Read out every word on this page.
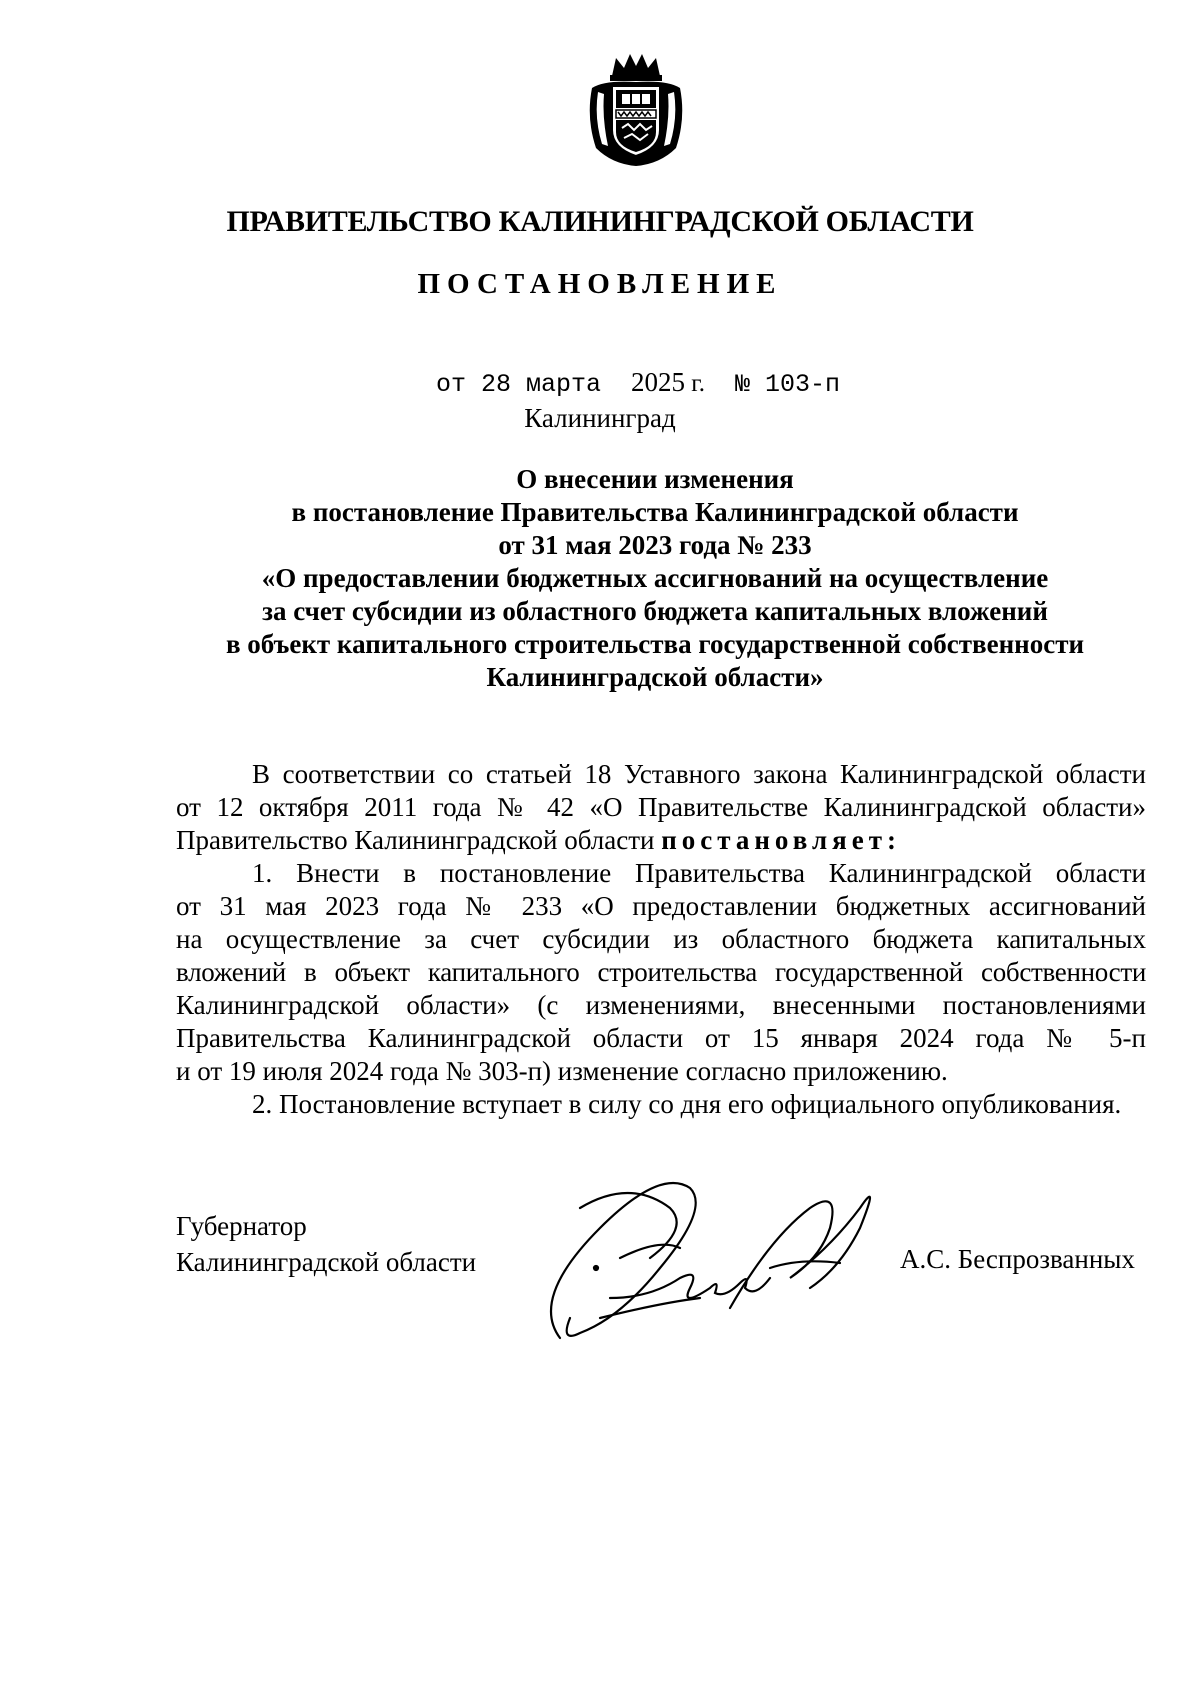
ПРАВИТЕЛЬСТВО КАЛИНИНГРАДСКОЙ ОБЛАСТИ
ПОСТАНОВЛЕНИЕ
от 28 марта 2025 г. № 103-п
Калининград
О внесении изменения
в постановление Правительства Калининградской области
от 31 мая 2023 года № 233
«О предоставлении бюджетных ассигнований на осуществление
за счет субсидии из областного бюджета капитальных вложений
в объект капитального строительства государственной собственности
Калининградской области»
В соответствии со статьей 18 Уставного закона Калининградской области
от 12 октября 2011 года № 42 «О Правительстве Калининградской области»
Правительство Калининградской области постановляет:
1. Внести в постановление Правительства Калининградской области
от 31 мая 2023 года № 233 «О предоставлении бюджетных ассигнований
на осуществление за счет субсидии из областного бюджета капитальных
вложений в объект капитального строительства государственной собственности
Калининградской области» (с изменениями, внесенными постановлениями
Правительства Калининградской области от 15 января 2024 года № 5-п
и от 19 июля 2024 года № 303-п) изменение согласно приложению.
2. Постановление вступает в силу со дня его официального опубликования.
Губернатор
Калининградской области	А.С. Беспрозванных
